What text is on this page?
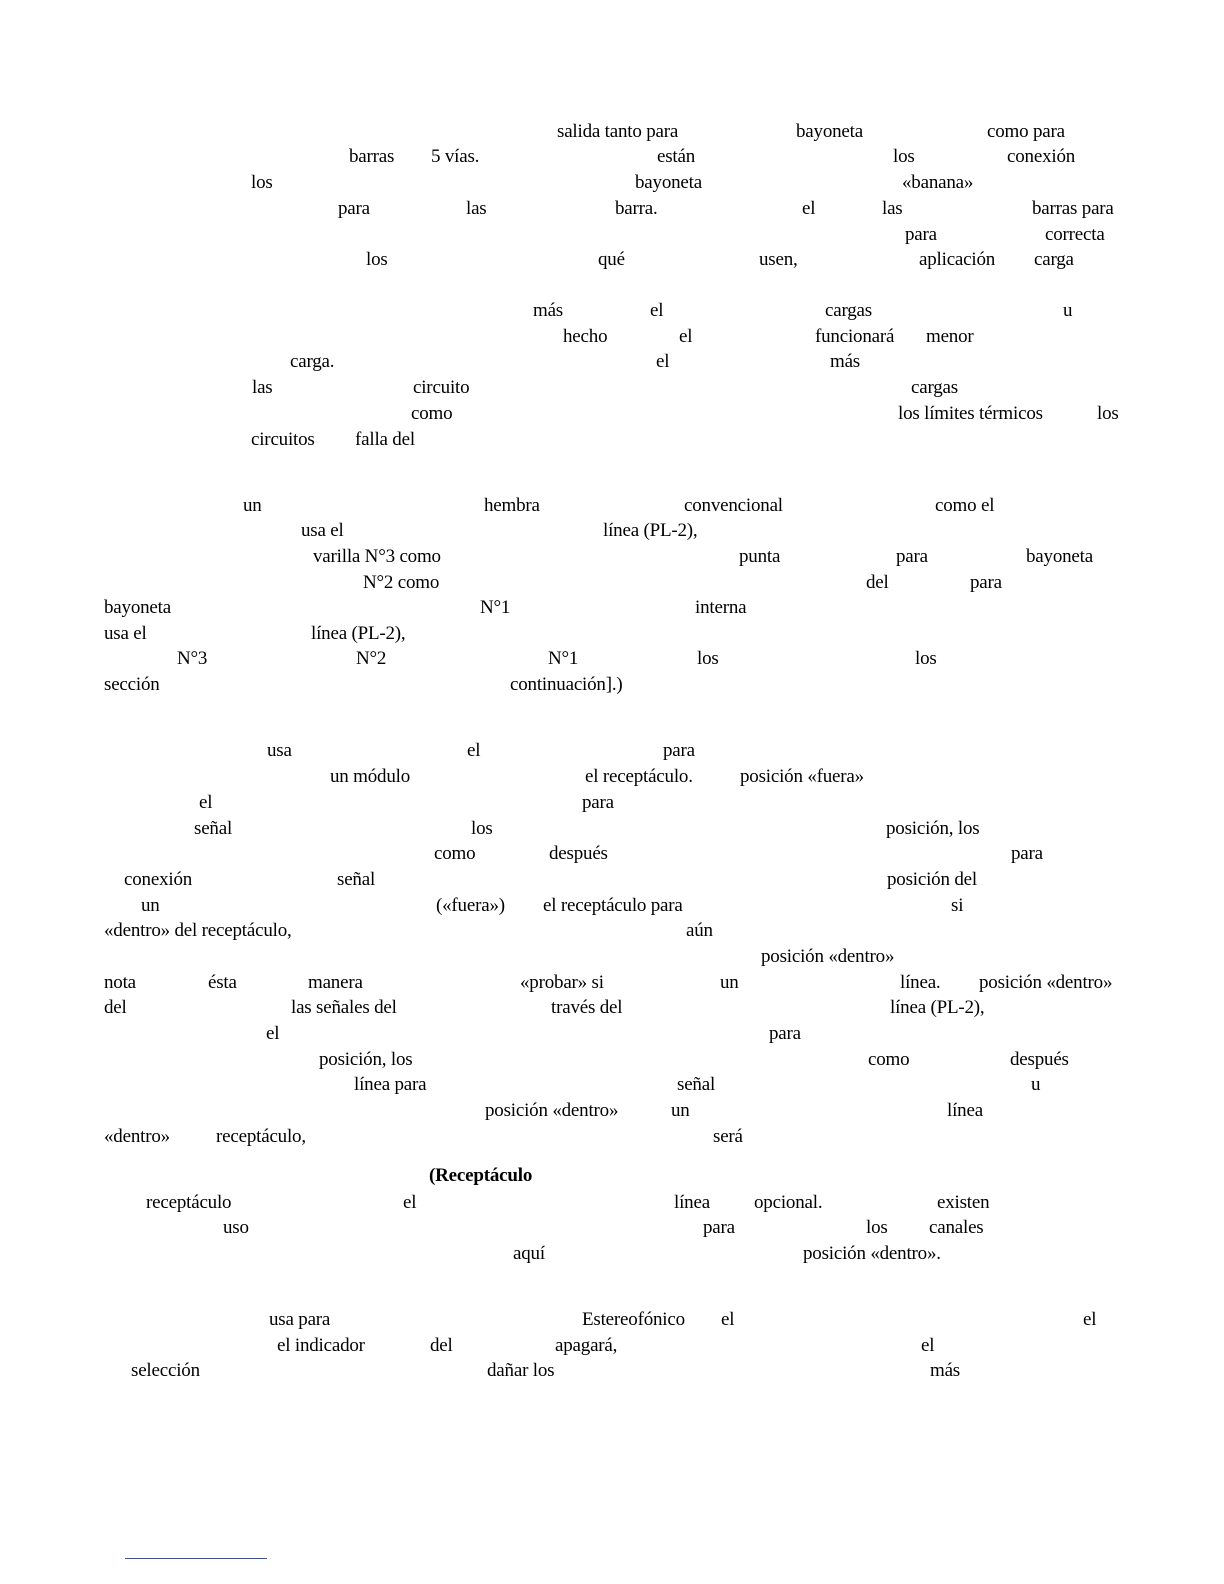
salida tanto para	bayoneta	como para
barras 5 vías.	están	los	conexión
los	bayoneta	«banana»
para	las	barra.	el	las	barras para
para	correcta
los	qué	usen,	aplicación carga
más	el	cargas	u
hecho	el	funcionará menor
carga.	el	más
las	circuito	cargas
como	los límites térmicos	los
circuitos falla del
un	hembra	convencional	como el
usa el	línea (PL-2),
varilla N°3 como	punta	para	bayoneta
N°2 como	del	para
bayoneta	N°1	interna
usa el	línea (PL-2),
N°3	N°2	N°1	los	los
sección	continuación].)
usa	el	para
un módulo	el receptáculo. posición «fuera»
el	para
señal	los	posición, los
como	después	para
conexión	señal	posición del
un	(«fuera») el receptáculo para	si
«dentro» del receptáculo,	aún
posición «dentro»
nota	ésta	manera	«probar» si	un	línea. posición «dentro»
del	las señales del	través del	línea (PL-2),
el	para
posición, los	como	después
línea para	señal	u
posición «dentro»	un	línea
«dentro» receptáculo,	será
(Receptáculo
receptáculo	el	línea opcional.	existen
uso	para	los canales
aquí	posición «dentro».
usa para	Estereofónico el	el
el indicador	del	apagará,	el
selección	dañar los	más
